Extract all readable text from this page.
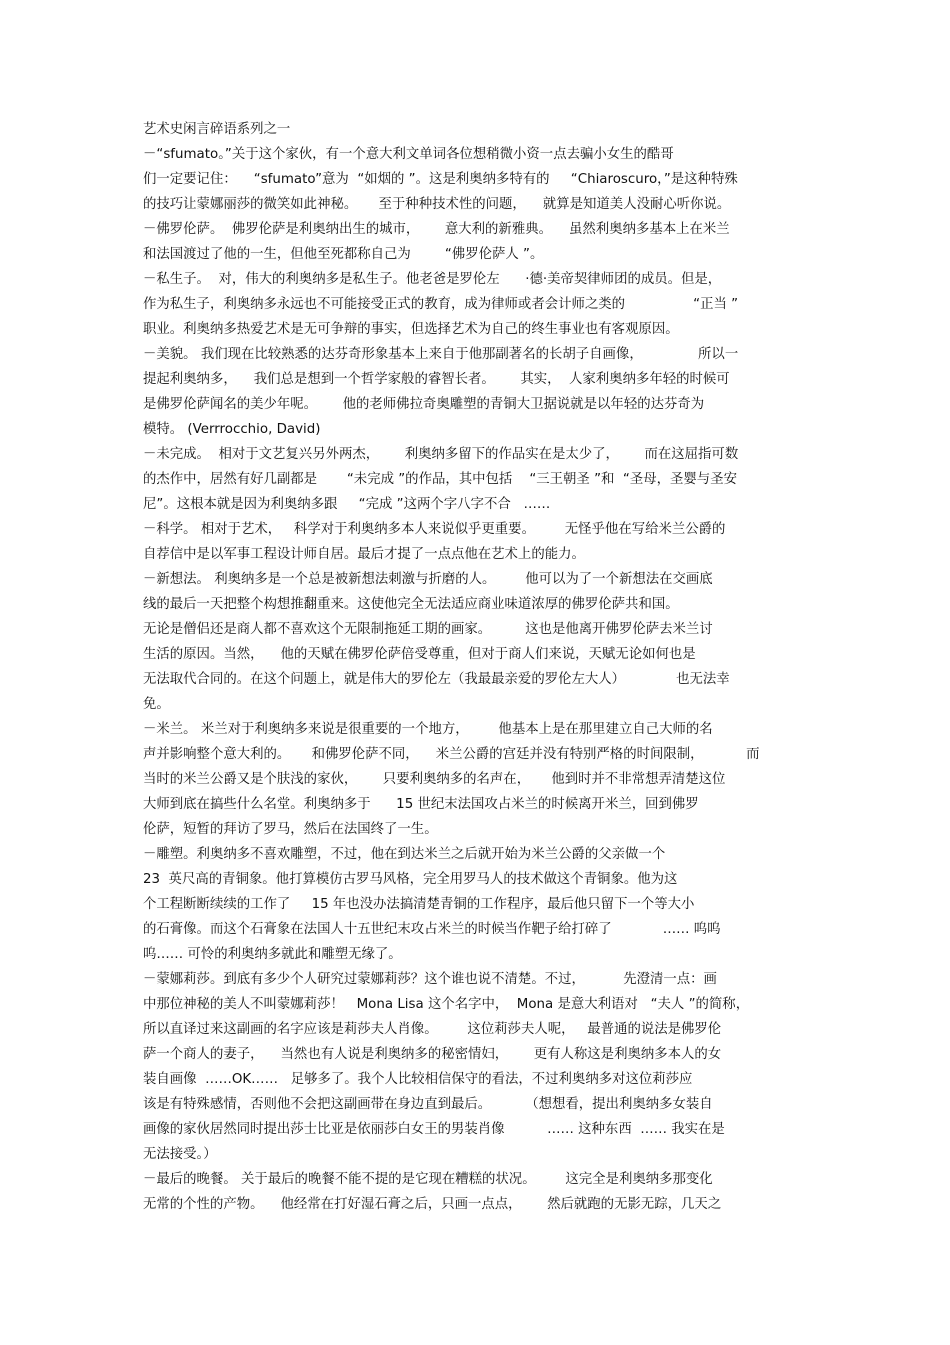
艺术史闲言碎语系列之一
－“sfumato。”关于这个家伙，有一个意大利文单词各位想稍微小资一点去骗小女生的酷哥
们一定要记住：    “sfumato”意为  “如烟的 ”。这是利奥纳多特有的     “Chiaroscuro，”是这种特殊
的技巧让蒙娜丽莎的微笑如此神秘。     至于种种技术性的问题，    就算是知道美人没耐心听你说。
－佛罗伦萨。  佛罗伦萨是利奥纳出生的城市，      意大利的新雅典。    虽然利奥纳多基本上在米兰
和法国渡过了他的一生，但他至死都称自己为        “佛罗伦萨人 ”。
－私生子。  对，伟大的利奥纳多是私生子。他老爸是罗伦左      ·德·美帝契律师团的成员。但是，
作为私生子，利奥纳多永远也不可能接受正式的教育，成为律师或者会计师之类的                “正当 ”
职业。利奥纳多热爱艺术是无可争辩的事实，但选择艺术为自己的终生事业也有客观原因。
－美貌。 我们现在比较熟悉的达芬奇形象基本上来自于他那副著名的长胡子自画像，             所以一
提起利奥纳多，    我们总是想到一个哲学家般的睿智长者。      其实，  人家利奥纳多年轻的时候可
是佛罗伦萨闻名的美少年呢。      他的老师佛拉奇奥雕塑的青铜大卫据说就是以年轻的达芬奇为
模特。 (Verrrocchio, David)
－未完成。  相对于文艺复兴另外两杰，      利奥纳多留下的作品实在是太少了，      而在这屈指可数
的杰作中，居然有好几副都是       “未完成 ”的作品，其中包括    “三王朝圣 ”和  “圣母，圣婴与圣安
尼”。这根本就是因为利奥纳多跟     “完成 ”这两个字八字不合   ……
－科学。 相对于艺术，   科学对于利奥纳多本人来说似乎更重要。       无怪乎他在写给米兰公爵的
自荐信中是以军事工程设计师自居。最后才提了一点点他在艺术上的能力。
－新想法。 利奥纳多是一个总是被新想法刺激与折磨的人。       他可以为了一个新想法在交画底
线的最后一天把整个构想推翻重来。这使他完全无法适应商业味道浓厚的佛罗伦萨共和国。
无论是僧侣还是商人都不喜欢这个无限制拖延工期的画家。        这也是他离开佛罗伦萨去米兰讨
生活的原因。当然，    他的天赋在佛罗伦萨倍受尊重，但对于商人们来说，天赋无论如何也是
无法取代合同的。在这个问题上，就是伟大的罗伦左（我最最亲爱的罗伦左大人）            也无法幸
免。
－米兰。 米兰对于利奥纳多来说是很重要的一个地方，       他基本上是在那里建立自己大师的名
声并影响整个意大利的。     和佛罗伦萨不同，    米兰公爵的宫廷并没有特别严格的时间限制，          而
当时的米兰公爵又是个肤浅的家伙，      只要利奥纳多的名声在，     他到时并不非常想弄清楚这位
大师到底在搞些什么名堂。利奥纳多于      15 世纪末法国攻占米兰的时候离开米兰，回到佛罗
伦萨，短暂的拜访了罗马，然后在法国终了一生。
－雕塑。利奥纳多不喜欢雕塑，不过，他在到达米兰之后就开始为米兰公爵的父亲做一个
23  英尺高的青铜象。他打算模仿古罗马风格，完全用罗马人的技术做这个青铜象。他为这
个工程断断续续的工作了     15 年也没办法搞清楚青铜的工作程序，最后他只留下一个等大小
的石膏像。而这个石膏象在法国人十五世纪末攻占米兰的时候当作靶子给打碎了            …… 呜呜
呜…… 可怜的利奥纳多就此和雕塑无缘了。
－蒙娜莉莎。到底有多少个人研究过蒙娜莉莎？这个谁也说不清楚。不过，         先澄清一点：画
中那位神秘的美人不叫蒙娜莉莎！   Mona Lisa 这个名字中，  Mona 是意大利语对   “夫人 ”的简称，
所以直译过来这副画的名字应该是莉莎夫人肖像。       这位莉莎夫人呢，   最普通的说法是佛罗伦
萨一个商人的妻子，    当然也有人说是利奥纳多的秘密情妇，      更有人称这是利奥纳多本人的女
装自画像  ……OK……   足够多了。我个人比较相信保守的看法，不过利奥纳多对这位莉莎应
该是有特殊感情，否则他不会把这副画带在身边直到最后。        （想想看，提出利奥纳多女装自
画像的家伙居然同时提出莎士比亚是依丽莎白女王的男装肖像          …… 这种东西  …… 我实在是
无法接受。）
－最后的晚餐。 关于最后的晚餐不能不提的是它现在糟糕的状况。       这完全是利奥纳多那变化
无常的个性的产物。    他经常在打好湿石膏之后，只画一点点，      然后就跑的无影无踪，几天之
